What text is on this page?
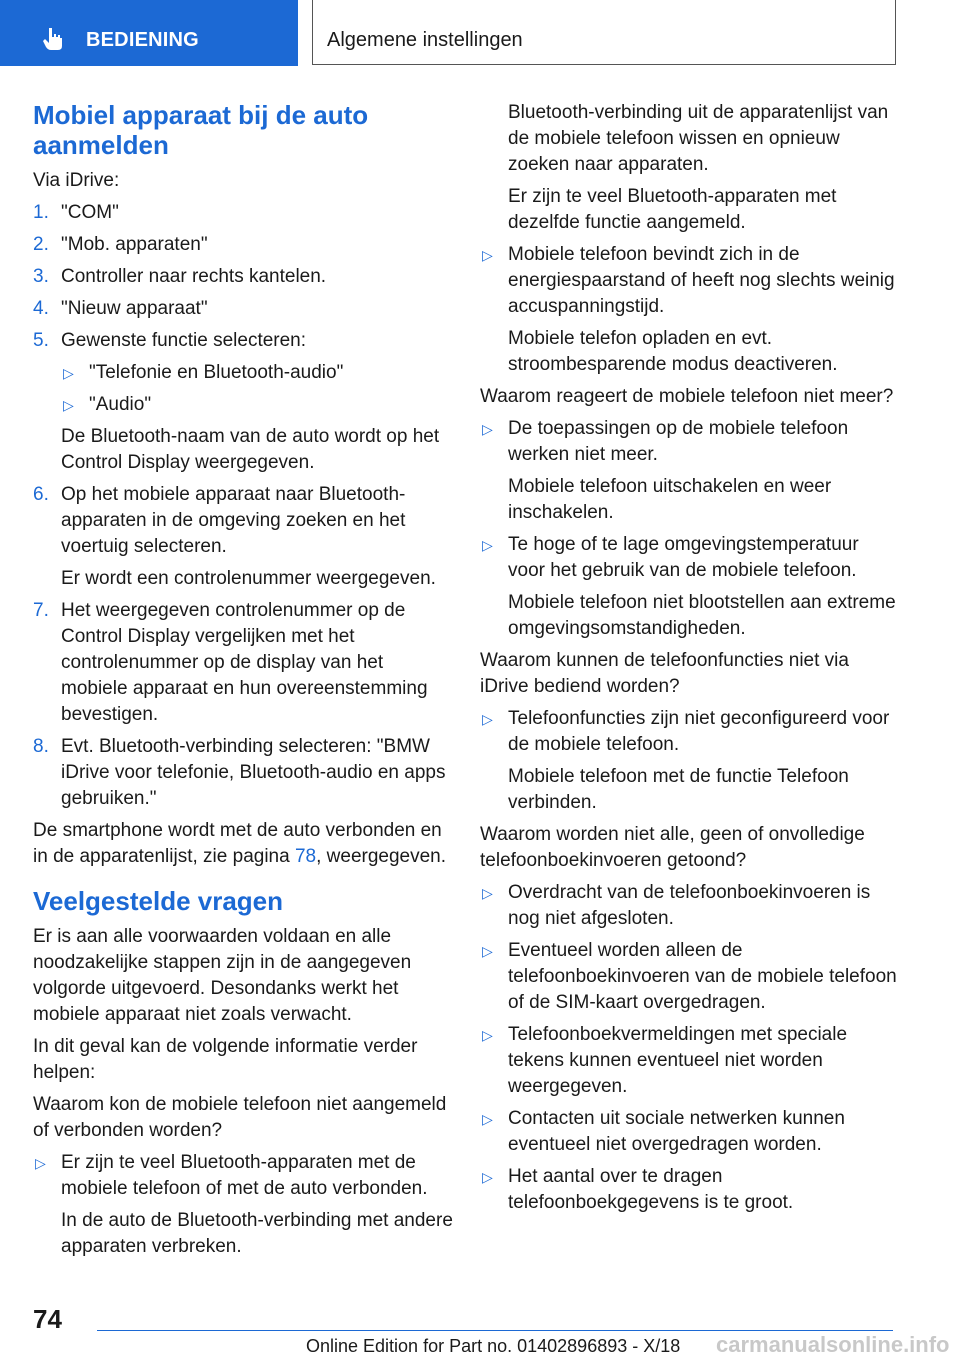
BEDIENING	Algemene instellingen
Mobiel apparaat bij de auto aanmelden

Via iDrive:

1. "COM"
2. "Mob. apparaten"
3. Controller naar rechts kantelen.
4. "Nieuw apparaat"
5. Gewenste functie selecteren:
▷ "Telefonie en Bluetooth-audio"
▷ "Audio"

De Bluetooth-naam van de auto wordt op het Control Display weergegeven.

6. Op het mobiele apparaat naar Bluetooth-apparaten in de omgeving zoeken en het voertuig selecteren.

Er wordt een controlenummer weergegeven.

7. Het weergegeven controlenummer op de Control Display vergelijken met het controlenummer op de display van het mobiele apparaat en hun overeenstemming bevestigen.
8. Evt. Bluetooth-verbinding selecteren: "BMW iDrive voor telefonie, Bluetooth-audio en apps gebruiken."

De smartphone wordt met de auto verbonden en in de apparatenlijst, zie pagina 78, weergegeven.

Veelgestelde vragen

Er is aan alle voorwaarden voldaan en alle noodzakelijke stappen zijn in de aangegeven volgorde uitgevoerd. Desondanks werkt het mobiele apparaat niet zoals verwacht.

In dit geval kan de volgende informatie verder helpen:

Waarom kon de mobiele telefoon niet aangemeld of verbonden worden?

▷ Er zijn te veel Bluetooth-apparaten met de mobiele telefoon of met de auto verbonden.

In de auto de Bluetooth-verbinding met andere apparaten verbreken.

Bluetooth-verbinding uit de apparatenlijst van de mobiele telefoon wissen en opnieuw zoeken naar apparaten.

Er zijn te veel Bluetooth-apparaten met dezelfde functie aangemeld.

▷ Mobiele telefoon bevindt zich in de energiespaarstand of heeft nog slechts weinig accuspanningstijd.

Mobiele telefon opladen en evt. stroombesparende modus deactiveren.

Waarom reageert de mobiele telefoon niet meer?

▷ De toepassingen op de mobiele telefoon werken niet meer.

Mobiele telefoon uitschakelen en weer inschakelen.

▷ Te hoge of te lage omgevingstemperatuur voor het gebruik van de mobiele telefoon.

Mobiele telefoon niet blootstellen aan extreme omgevingsomstandigheden.

Waarom kunnen de telefoonfuncties niet via iDrive bediend worden?

▷ Telefoonfuncties zijn niet geconfigureerd voor de mobiele telefoon.

Mobiele telefoon met de functie Telefoon verbinden.

Waarom worden niet alle, geen of onvolledige telefoonboekinvoeren getoond?

▷ Overdracht van de telefoonboekinvoeren is nog niet afgesloten.
▷ Eventueel worden alleen de telefoonboekinvoeren van de mobiele telefoon of de SIM-kaart overgedragen.
▷ Telefoonboekvermeldingen met speciale tekens kunnen eventueel niet worden weergegeven.
▷ Contacten uit sociale netwerken kunnen eventueel niet overgedragen worden.
▷ Het aantal over te dragen telefoonboekgegevens is te groot.
74
Online Edition for Part no. 01402896893 - X/18 carmanualsonline.info
